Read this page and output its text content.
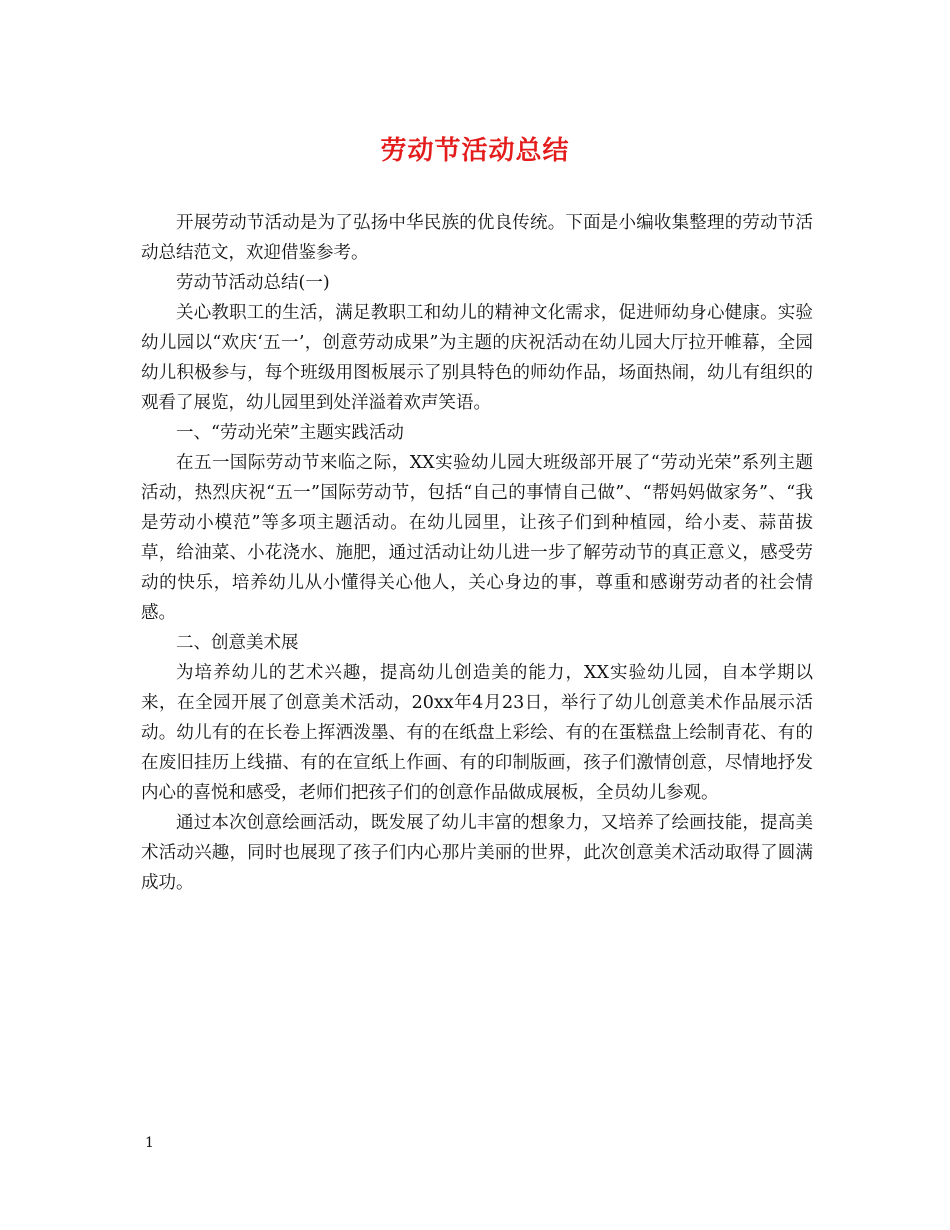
劳动节活动总结

开展劳动节活动是为了弘扬中华民族的优良传统。下面是小编收集整理的劳动节活动总结范文，欢迎借鉴参考。

劳动节活动总结(一)

关心教职工的生活，满足教职工和幼儿的精神文化需求，促进师幼身心健康。实验幼儿园以“欢庆‘五一’，创意劳动成果”为主题的庆祝活动在幼儿园大厅拉开帷幕，全园幼儿积极参与，每个班级用图板展示了别具特色的师幼作品，场面热闹，幼儿有组织的观看了展览，幼儿园里到处洋溢着欢声笑语。

一、“劳动光荣”主题实践活动

在五一国际劳动节来临之际，XX实验幼儿园大班级部开展了“劳动光荣”系列主题活动，热烈庆祝“五一”国际劳动节，包括“自己的事情自己做”、“帮妈妈做家务”、“我是劳动小模范”等多项主题活动。在幼儿园里，让孩子们到种植园，给小麦、蒜苗拔草，给油菜、小花浇水、施肥，通过活动让幼儿进一步了解劳动节的真正意义，感受劳动的快乐，培养幼儿从小懂得关心他人，关心身边的事，尊重和感谢劳动者的社会情感。

二、创意美术展

为培养幼儿的艺术兴趣，提高幼儿创造美的能力，XX实验幼儿园，自本学期以来，在全园开展了创意美术活动，20xx年4月23日，举行了幼儿创意美术作品展示活动。幼儿有的在长卷上挥洒泼墨、有的在纸盘上彩绘、有的在蛋糕盘上绘制青花、有的在废旧挂历上线描、有的在宣纸上作画、有的印制版画，孩子们激情创意，尽情地抒发内心的喜悦和感受，老师们把孩子们的创意作品做成展板，全员幼儿参观。

通过本次创意绘画活动，既发展了幼儿丰富的想象力，又培养了绘画技能，提高美术活动兴趣，同时也展现了孩子们内心那片美丽的世界，此次创意美术活动取得了圆满成功。

1
